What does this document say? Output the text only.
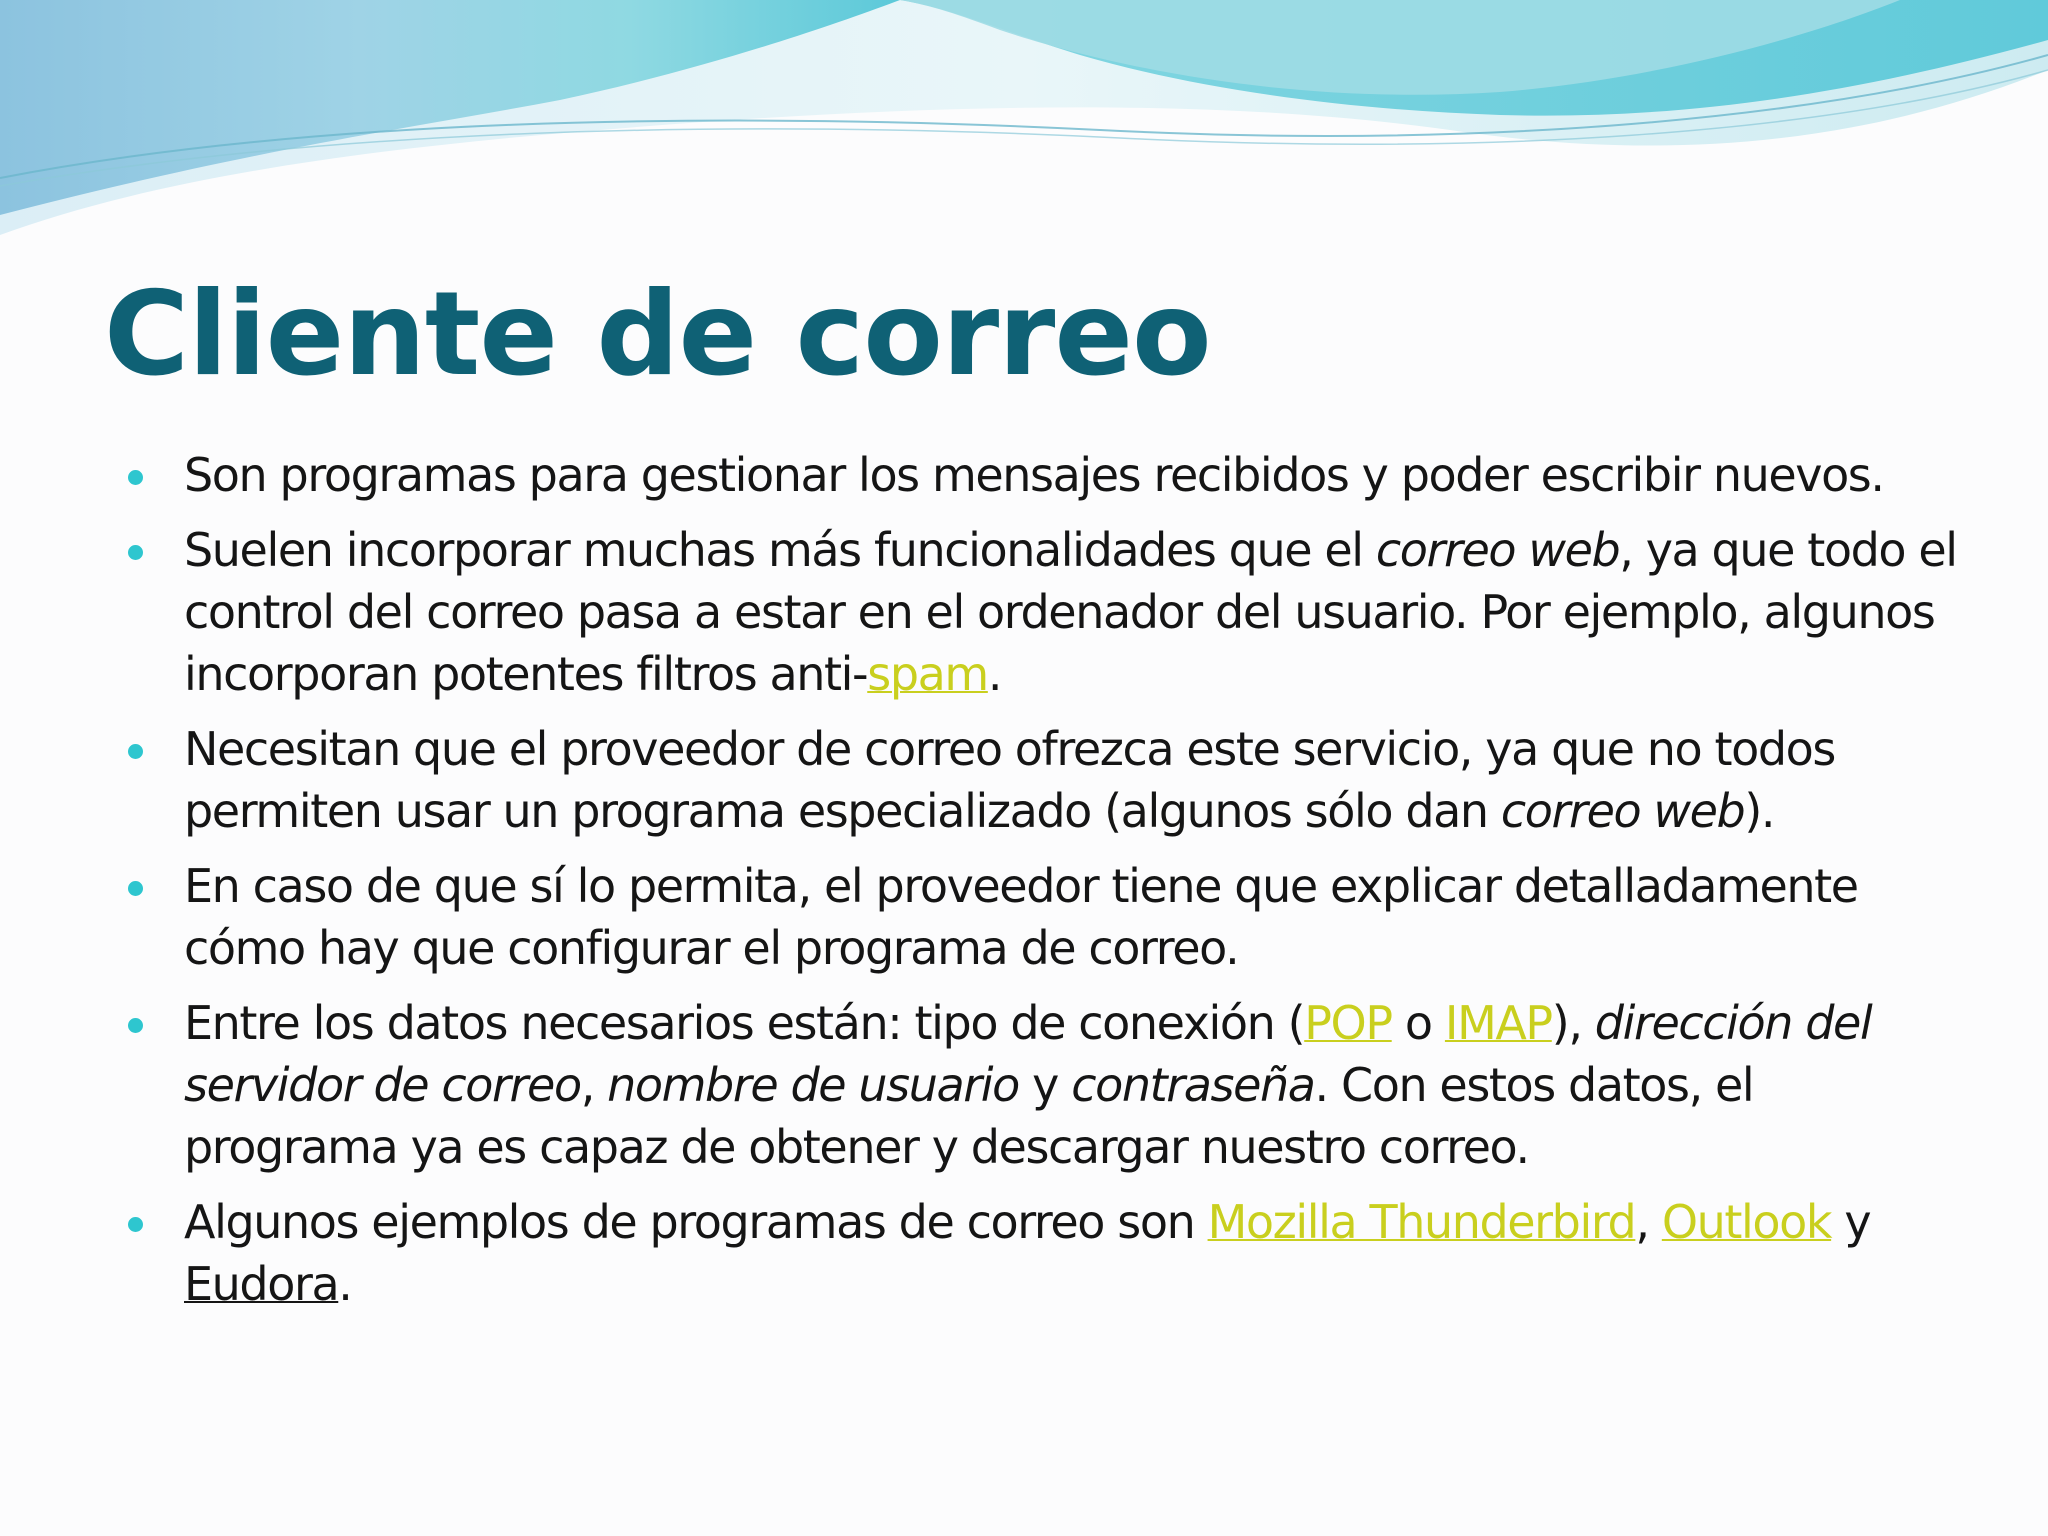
Cliente de correo
Son programas para gestionar los mensajes recibidos y poder escribir nuevos.
Suelen incorporar muchas más funcionalidades que el correo web, ya que todo el control del correo pasa a estar en el ordenador del usuario. Por ejemplo, algunos incorporan potentes filtros anti-spam.
Necesitan que el proveedor de correo ofrezca este servicio, ya que no todos permiten usar un programa especializado (algunos sólo dan correo web).
En caso de que sí lo permita, el proveedor tiene que explicar detalladamente cómo hay que configurar el programa de correo.
Entre los datos necesarios están: tipo de conexión (POP o IMAP), dirección del servidor de correo, nombre de usuario y contraseña. Con estos datos, el programa ya es capaz de obtener y descargar nuestro correo.
Algunos ejemplos de programas de correo son Mozilla Thunderbird, Outlook y Eudora.
